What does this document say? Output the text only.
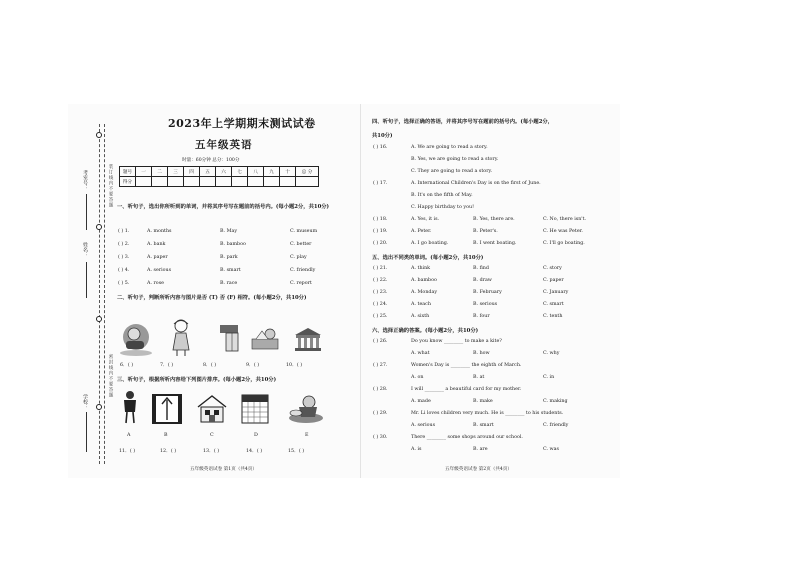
考室号：
姓名：
学校：
装订线内不要答题
密封线内不要答题
2023年上学期期末测试试卷
五年级英语
时量：60分钟 总分：100分
题号	一	二	三	四	五	六	七	八	九	十	总 分
得分											
一、听句子，选出你所听到的单词，并将其序号写在题前的括号内。(每小题2分，共10分)
( ) 1.	A. months	B. May	C. museum
( ) 2.	A. bank	B. bamboo	C. better
( ) 3.	A. paper	B. park	C. play
( ) 4.	A. serious	B. smart	C. friendly
( ) 5.	A. rose	B. race	C. report
二、听句子，判断所听内容与图片是否 (T) 否 (F) 相符。(每小题2分，共10分)
6．( )	7．( )	8．( )	9．( )	10．( )
三、听句子，根据所听内容给下列图片排序。(每小题2分，共10分)
A	B	C	D	E
11．( )	12．( )	13．( )	14．( )	15．( )
五年级英语试卷 第1页（共4页）
四、听句子，选择正确的答语，并将其序号写在题前的括号内。(每小题2分，
共10分)
( ) 16.	A. We are going to read a story.
B. Yes, we are going to read a story.
C. They are going to read a story.
( ) 17.	A. International Children's Day is on the first of June.
B. It's on the fifth of May.
C. Happy birthday to you!
( ) 18.	A. Yes, it is.	B. Yes, there are.	C. No, there isn't.
( ) 19.	A. Peter.	B. Peter's.	C. He was Peter.
( ) 20.	A. I go boating.	B. I went boating.	C. I'll go boating.
五、选出不同类的单词。(每小题2分，共10分)
( ) 21.	A. think	B. find	C. story
( ) 22.	A. bamboo	B. draw	C. paper
( ) 23.	A. Monday	B. February	C. January
( ) 24.	A. teach	B. serious	C. smart
( ) 25.	A. sixth	B. four	C. tenth
六、选择正确的答案。(每小题2分，共10分)
( ) 26.	Do you know ________ to make a kite?
A. what	B. how	C. why
( ) 27.	Women's Day is ________ the eighth of March.
A. on	B. at	C. in
( ) 28.	I will ________ a beautiful card for my mother.
A. made	B. make	C. making
( ) 29.	Mr. Li loves children very much. He is ________ to his students.
A. serious	B. smart	C. friendly
( ) 30.	There ________ some shops around our school.
A. is	B. are	C. was
五年级英语试卷 第2页（共4页）
